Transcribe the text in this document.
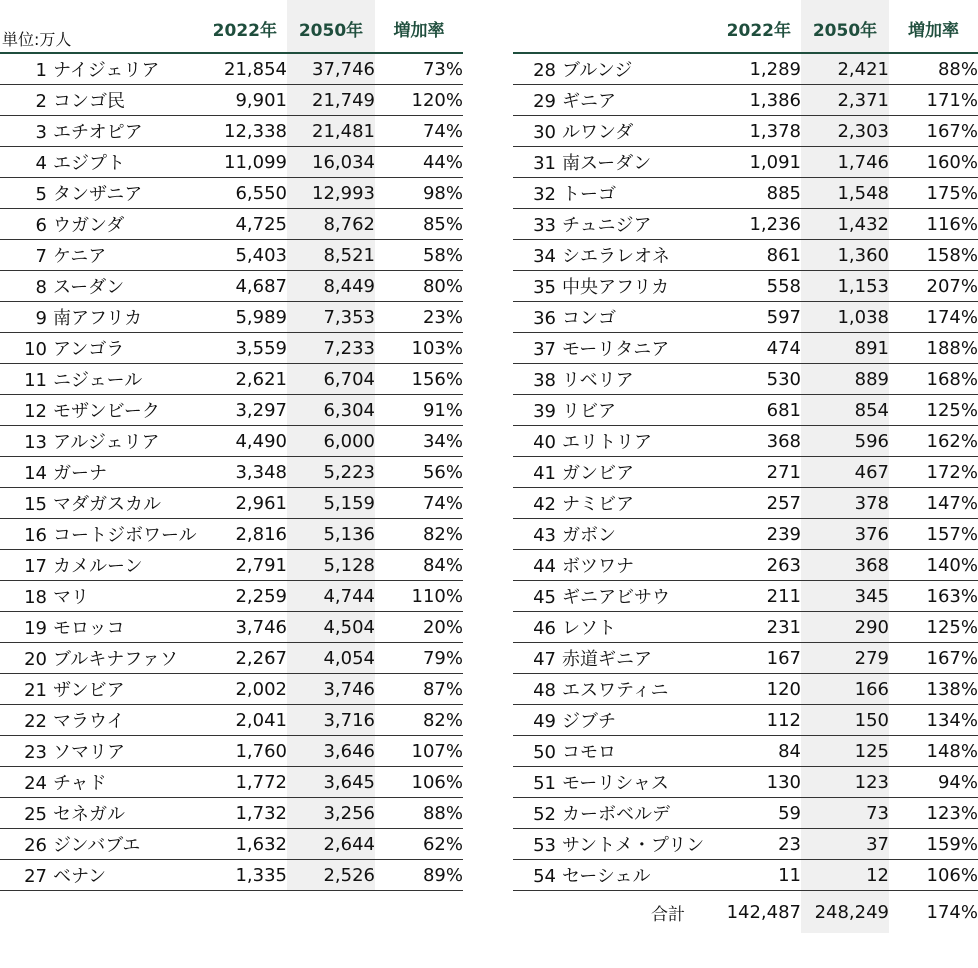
単位:万人	2022年	2050年	増加率
1 ナイジェリア	21,854	37,746	73%
2 コンゴ民	9,901	21,749	120%
3 エチオピア	12,338	21,481	74%
4 エジプト	11,099	16,034	44%
5 タンザニア	6,550	12,993	98%
6 ウガンダ	4,725	8,762	85%
7 ケニア	5,403	8,521	58%
8 スーダン	4,687	8,449	80%
9 南アフリカ	5,989	7,353	23%
10 アンゴラ	3,559	7,233	103%
11 ニジェール	2,621	6,704	156%
12 モザンビーク	3,297	6,304	91%
13 アルジェリア	4,490	6,000	34%
14 ガーナ	3,348	5,223	56%
15 マダガスカル	2,961	5,159	74%
16 コートジボワール	2,816	5,136	82%
17 カメルーン	2,791	5,128	84%
18 マリ	2,259	4,744	110%
19 モロッコ	3,746	4,504	20%
20 ブルキナファソ	2,267	4,054	79%
21 ザンビア	2,002	3,746	87%
22 マラウイ	2,041	3,716	82%
23 ソマリア	1,760	3,646	107%
24 チャド	1,772	3,645	106%
25 セネガル	1,732	3,256	88%
26 ジンバブエ	1,632	2,644	62%
27 ベナン	1,335	2,526	89%
	2022年	2050年	増加率
28 ブルンジ	1,289	2,421	88%
29 ギニア	1,386	2,371	171%
30 ルワンダ	1,378	2,303	167%
31 南スーダン	1,091	1,746	160%
32 トーゴ	885	1,548	175%
33 チュニジア	1,236	1,432	116%
34 シエラレオネ	861	1,360	158%
35 中央アフリカ	558	1,153	207%
36 コンゴ	597	1,038	174%
37 モーリタニア	474	891	188%
38 リベリア	530	889	168%
39 リビア	681	854	125%
40 エリトリア	368	596	162%
41 ガンビア	271	467	172%
42 ナミビア	257	378	147%
43 ガボン	239	376	157%
44 ボツワナ	263	368	140%
45 ギニアビサウ	211	345	163%
46 レソト	231	290	125%
47 赤道ギニア	167	279	167%
48 エスワティニ	120	166	138%
49 ジブチ	112	150	134%
50 コモロ	84	125	148%
51 モーリシャス	130	123	94%
52 カーボベルデ	59	73	123%
53 サントメ・プリン	23	37	159%
54 セーシェル	11	12	106%
合計	142,487	248,249	174%
